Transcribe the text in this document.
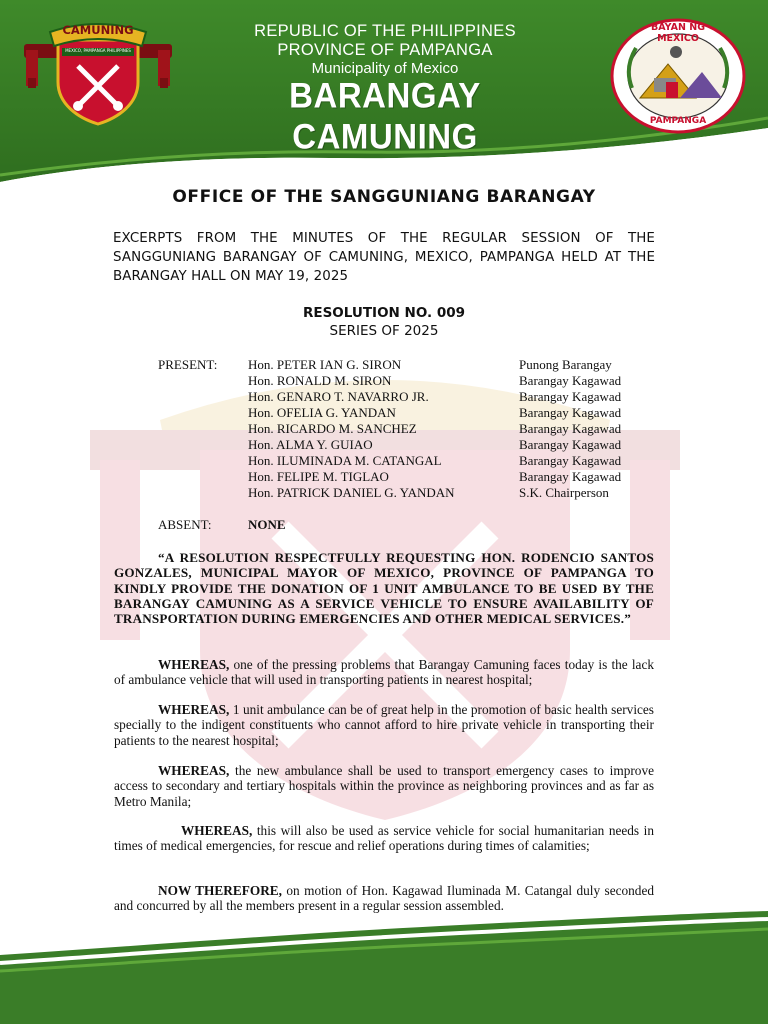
CAMUNING
MEXICO, PAMPANGA PHILIPPINES
REPUBLIC OF THE PHILIPPINES
PROVINCE OF PAMPANGA
Municipality of Mexico
BARANGAY CAMUNING
BAYAN NG MEXICO
PAMPANGA
OFFICE OF THE SANGGUNIANG BARANGAY
EXCERPTS FROM THE MINUTES OF THE REGULAR SESSION OF THE SANGGUNIANG BARANGAY OF CAMUNING, MEXICO, PAMPANGA HELD AT THE BARANGAY HALL ON MAY 19, 2025
RESOLUTION NO. 009
SERIES OF 2025
PRESENT: Hon. PETER IAN G. SIRON	Punong Barangay
Hon. RONALD M. SIRON	Barangay Kagawad
Hon. GENARO T. NAVARRO JR.	Barangay Kagawad
Hon. OFELIA G. YANDAN	Barangay Kagawad
Hon. RICARDO M. SANCHEZ	Barangay Kagawad
Hon. ALMA Y. GUIAO	Barangay Kagawad
Hon. ILUMINADA M. CATANGAL	Barangay Kagawad
Hon. FELIPE M. TIGLAO	Barangay Kagawad
Hon. PATRICK DANIEL G. YANDAN	S.K. Chairperson
ABSENT:	NONE
“A RESOLUTION RESPECTFULLY REQUESTING HON. RODENCIO SANTOS GONZALES, MUNICIPAL MAYOR OF MEXICO, PROVINCE OF PAMPANGA TO KINDLY PROVIDE THE DONATION OF 1 UNIT AMBULANCE TO BE USED BY THE BARANGAY CAMUNING AS A SERVICE VEHICLE TO ENSURE AVAILABILITY OF TRANSPORTATION DURING EMERGENCIES AND OTHER MEDICAL SERVICES.”
WHEREAS, one of the pressing problems that Barangay Camuning faces today is the lack of ambulance vehicle that will used in transporting patients in nearest hospital;
WHEREAS, 1 unit ambulance can be of great help in the promotion of basic health services specially to the indigent constituents who cannot afford to hire private vehicle in transporting their patients to the nearest hospital;
WHEREAS, the new ambulance shall be used to transport emergency cases to improve access to secondary and tertiary hospitals within the province as neighboring provinces and as far as Metro Manila;
WHEREAS, this will also be used as service vehicle for social humanitarian needs in times of medical emergencies, for rescue and relief operations during times of calamities;
NOW THEREFORE, on motion of Hon. Kagawad Iluminada M. Catangal duly seconded and concurred by all the members present in a regular session assembled.
